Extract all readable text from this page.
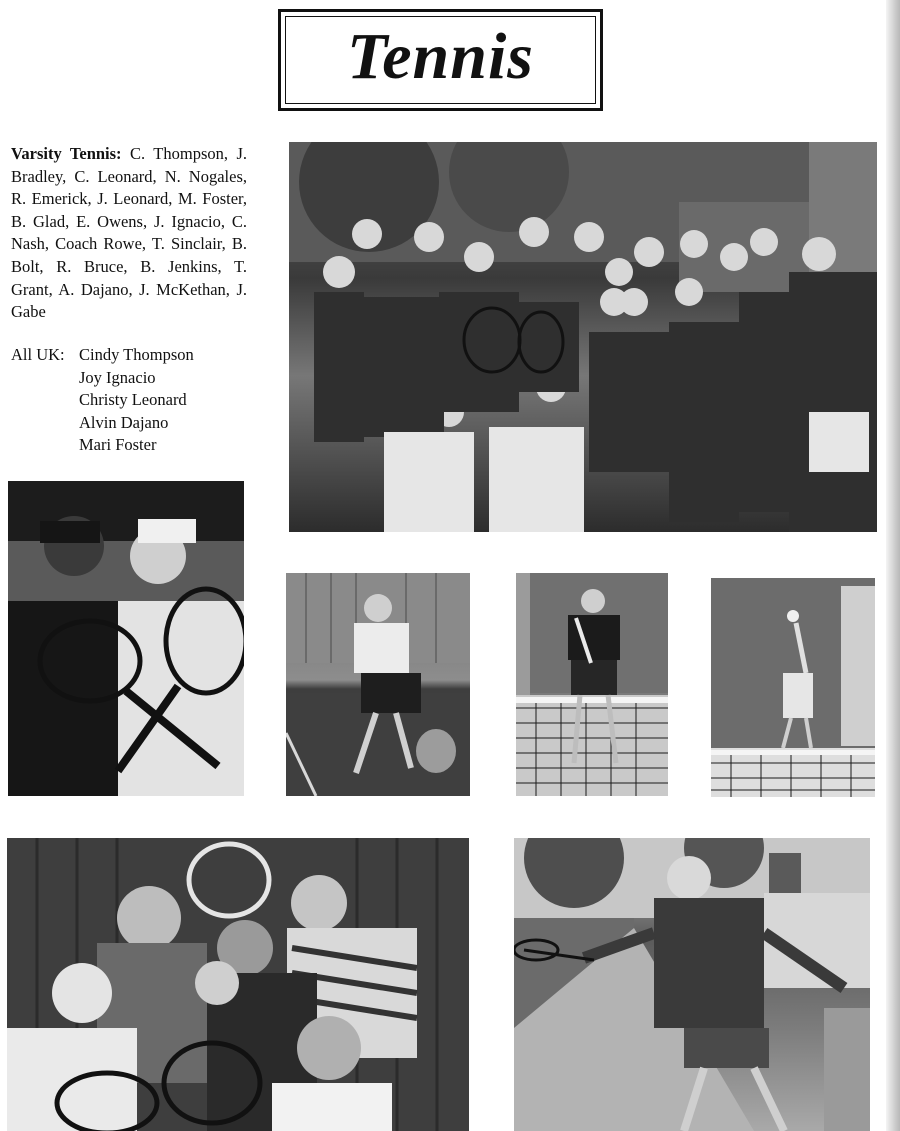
Tennis
Varsity Tennis: C. Thompson, J. Bradley, C. Leonard, N. Nogales, R. Emerick, J. Leonard, M. Foster, B. Glad, E. Owens, J. Ignacio, C. Nash, Coach Rowe, T. Sinclair, B. Bolt, R. Bruce, B. Jenkins, T. Grant, A. Dajano, J. McKethan, J. Gabe
All UK: Cindy Thompson
Joy Ignacio
Christy Leonard
Alvin Dajano
Mari Foster
